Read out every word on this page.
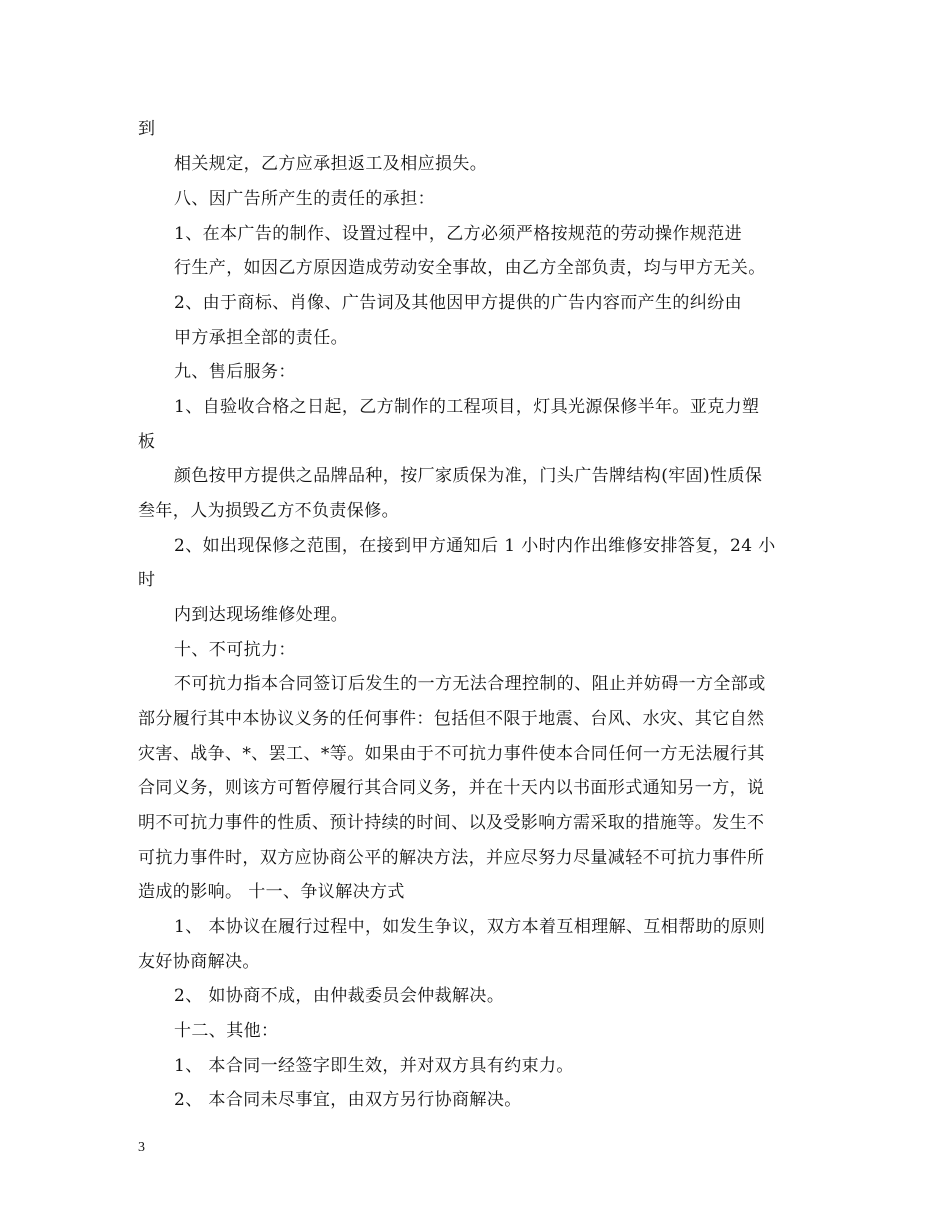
到
相关规定，乙方应承担返工及相应损失。
八、因广告所产生的责任的承担：
1、在本广告的制作、设置过程中，乙方必须严格按规范的劳动操作规范进
行生产，如因乙方原因造成劳动安全事故，由乙方全部负责，均与甲方无关。
2、由于商标、肖像、广告词及其他因甲方提供的广告内容而产生的纠纷由
甲方承担全部的责任。
九、售后服务：
1、自验收合格之日起，乙方制作的工程项目，灯具光源保修半年。亚克力塑
板
颜色按甲方提供之品牌品种，按厂家质保为准，门头广告牌结构(牢固)性质保
叁年，人为损毁乙方不负责保修。
2、如出现保修之范围，在接到甲方通知后 1 小时内作出维修安排答复，24 小
时
内到达现场维修处理。
十、不可抗力：
不可抗力指本合同签订后发生的一方无法合理控制的、阻止并妨碍一方全部或
部分履行其中本协议义务的任何事件：包括但不限于地震、台风、水灾、其它自然
灾害、战争、*、罢工、*等。如果由于不可抗力事件使本合同任何一方无法履行其
合同义务，则该方可暂停履行其合同义务，并在十天内以书面形式通知另一方，说
明不可抗力事件的性质、预计持续的时间、以及受影响方需采取的措施等。发生不
可抗力事件时，双方应协商公平的解决方法，并应尽努力尽量减轻不可抗力事件所
造成的影响。 十一、争议解决方式
1、 本协议在履行过程中，如发生争议，双方本着互相理解、互相帮助的原则
友好协商解决。
2、 如协商不成，由仲裁委员会仲裁解决。
十二、其他：
1、 本合同一经签字即生效，并对双方具有约束力。
2、 本合同未尽事宜，由双方另行协商解决。
3
